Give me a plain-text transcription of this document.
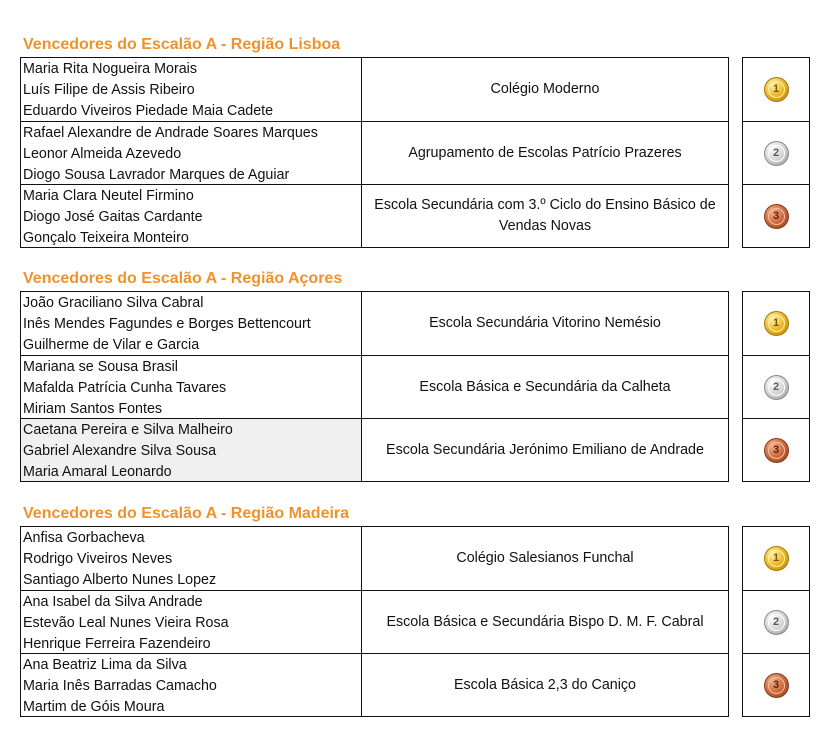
Vencedores do Escalão A - Região Lisboa
Maria Rita Nogueira Morais
Luís Filipe de Assis Ribeiro
Eduardo Viveiros Piedade Maia Cadete
Colégio Moderno
Rafael Alexandre de Andrade Soares Marques
Leonor Almeida Azevedo
Diogo Sousa Lavrador Marques de Aguiar
Agrupamento de Escolas Patrício Prazeres
Maria Clara Neutel Firmino
Diogo José Gaitas Cardante
Gonçalo Teixeira Monteiro
Escola Secundária com 3.º Ciclo do Ensino Básico de Vendas Novas
1
2
3
Vencedores do Escalão A - Região Açores
João Graciliano Silva Cabral
Inês Mendes Fagundes e Borges Bettencourt
Guilherme de Vilar e Garcia
Escola Secundária Vitorino Nemésio
Mariana se Sousa Brasil
Mafalda Patrícia Cunha Tavares
Miriam Santos Fontes
Escola Básica e Secundária da Calheta
Caetana Pereira e Silva Malheiro
Gabriel Alexandre Silva Sousa
Maria Amaral Leonardo
Escola Secundária Jerónimo Emiliano de Andrade
1
2
3
Vencedores do Escalão A - Região Madeira
Anfisa Gorbacheva
Rodrigo Viveiros Neves
Santiago Alberto Nunes Lopez
Colégio Salesianos Funchal
Ana Isabel da Silva Andrade
Estevão Leal Nunes Vieira Rosa
Henrique Ferreira Fazendeiro
Escola Básica e Secundária Bispo D. M. F. Cabral
Ana Beatriz Lima da Silva
Maria Inês Barradas Camacho
Martim de Góis Moura
Escola Básica 2,3 do Caniço
1
2
3
